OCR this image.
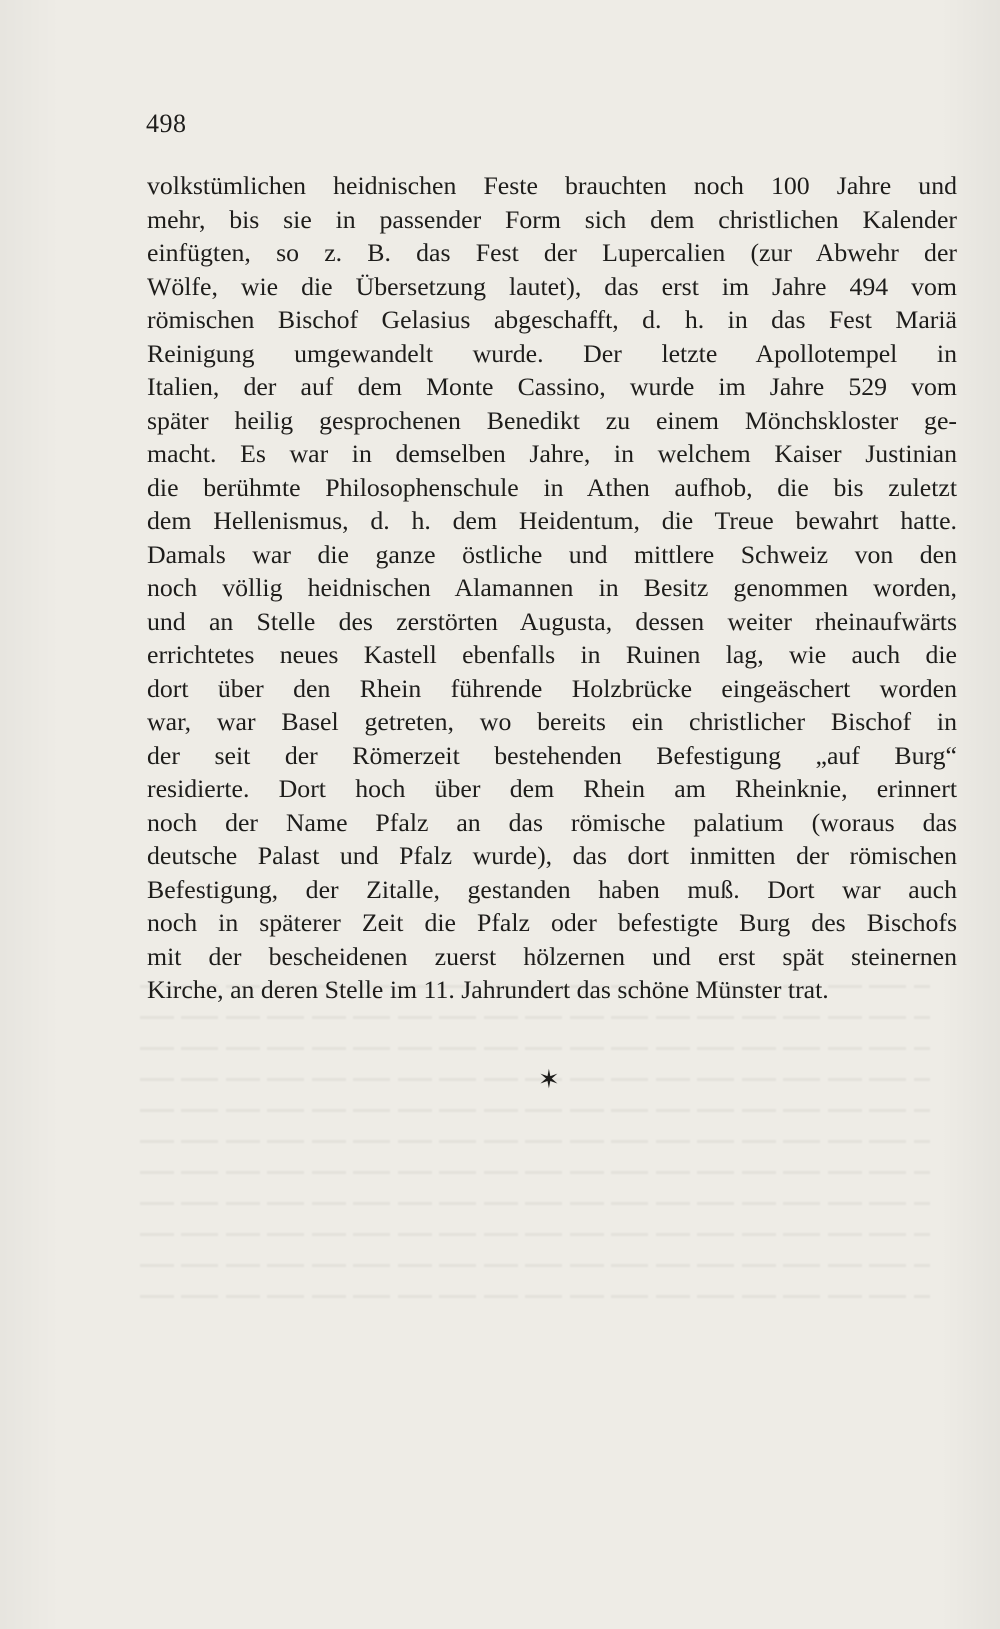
498
volkstümlichen heidnischen Feste brauchten noch 100 Jahre und
mehr, bis sie in passender Form sich dem christlichen Kalender
einfügten, so z. B. das Fest der Lupercalien (zur Abwehr der
Wölfe, wie die Übersetzung lautet), das erst im Jahre 494 vom
römischen Bischof Gelasius abgeschafft, d. h. in das Fest Mariä
Reinigung umgewandelt wurde. Der letzte Apollotempel in
Italien, der auf dem Monte Cassino, wurde im Jahre 529 vom
später heilig gesprochenen Benedikt zu einem Mönchskloster ge-
macht. Es war in demselben Jahre, in welchem Kaiser Justinian
die berühmte Philosophenschule in Athen aufhob, die bis zuletzt
dem Hellenismus, d. h. dem Heidentum, die Treue bewahrt hatte.
Damals war die ganze östliche und mittlere Schweiz von den
noch völlig heidnischen Alamannen in Besitz genommen worden,
und an Stelle des zerstörten Augusta, dessen weiter rheinaufwärts
errichtetes neues Kastell ebenfalls in Ruinen lag, wie auch die
dort über den Rhein führende Holzbrücke eingeäschert worden
war, war Basel getreten, wo bereits ein christlicher Bischof in
der seit der Römerzeit bestehenden Befestigung „auf Burg“
residierte. Dort hoch über dem Rhein am Rheinknie, erinnert
noch der Name Pfalz an das römische palatium (woraus das
deutsche Palast und Pfalz wurde), das dort inmitten der römischen
Befestigung, der Zitalle, gestanden haben muß. Dort war auch
noch in späterer Zeit die Pfalz oder befestigte Burg des Bischofs
mit der bescheidenen zuerst hölzernen und erst spät steinernen
Kirche, an deren Stelle im 11. Jahrundert das schöne Münster trat.
✶
